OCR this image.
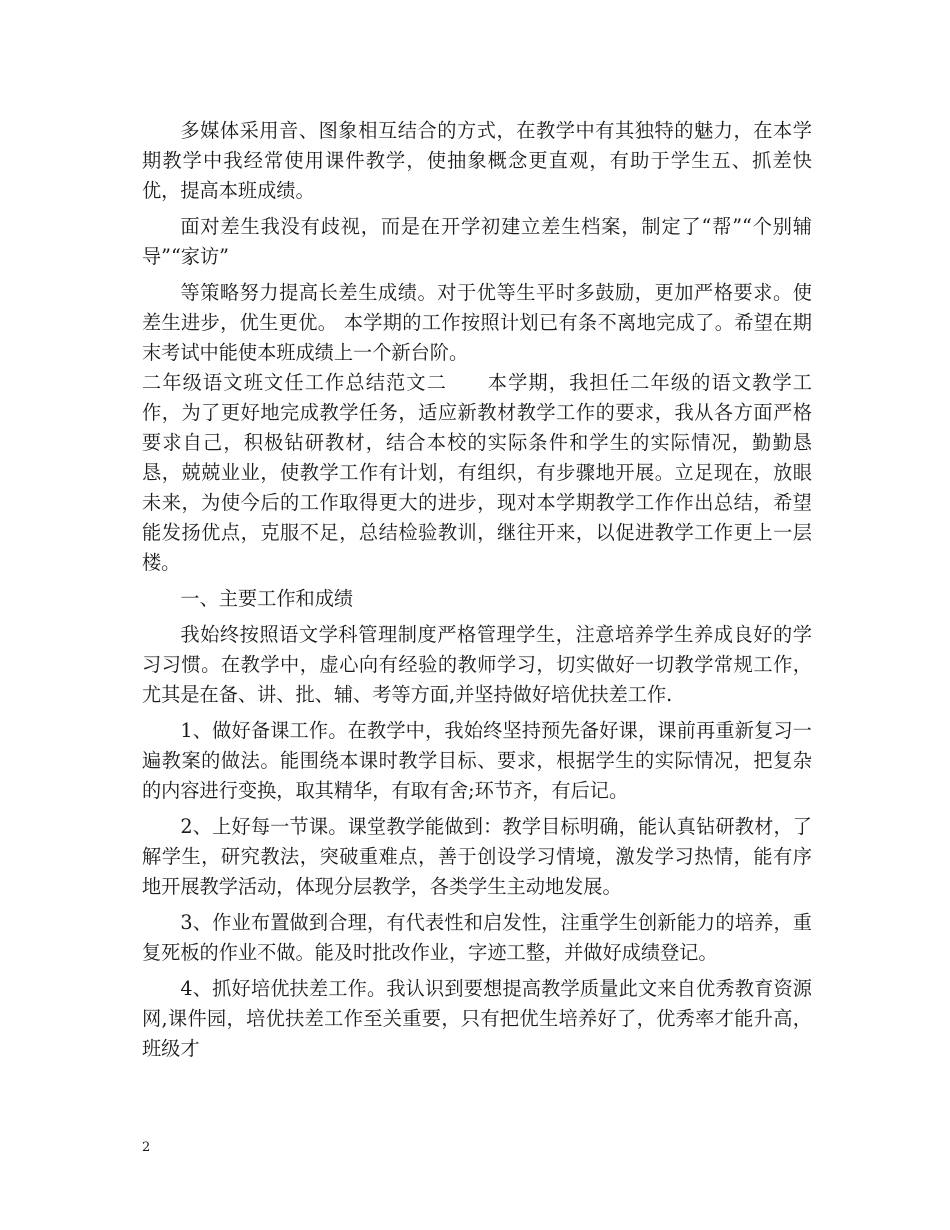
多媒体采用音、图象相互结合的方式，在教学中有其独特的魅力，在本学期教学中我经常使用课件教学，使抽象概念更直观，有助于学生五、抓差快优，提高本班成绩。

面对差生我没有歧视，而是在开学初建立差生档案，制定了“帮”“个别辅导”“家访”

等策略努力提高长差生成绩。对于优等生平时多鼓励，更加严格要求。使差生进步，优生更优。 本学期的工作按照计划已有条不离地完成了。希望在期末考试中能使本班成绩上一个新台阶。

二年级语文班文任工作总结范文二　　本学期，我担任二年级的语文教学工作，为了更好地完成教学任务，适应新教材教学工作的要求，我从各方面严格要求自己，积极钻研教材，结合本校的实际条件和学生的实际情况，勤勤恳恳，兢兢业业，使教学工作有计划，有组织，有步骤地开展。立足现在，放眼未来，为使今后的工作取得更大的进步，现对本学期教学工作作出总结，希望能发扬优点，克服不足，总结检验教训，继往开来，以促进教学工作更上一层楼。

一、主要工作和成绩

我始终按照语文学科管理制度严格管理学生，注意培养学生养成良好的学习习惯。在教学中，虚心向有经验的教师学习，切实做好一切教学常规工作，尤其是在备、讲、批、辅、考等方面,并坚持做好培优扶差工作.

1、做好备课工作。在教学中，我始终坚持预先备好课，课前再重新复习一遍教案的做法。能围绕本课时教学目标、要求，根据学生的实际情况，把复杂的内容进行变换，取其精华，有取有舍;环节齐，有后记。

2、上好每一节课。课堂教学能做到：教学目标明确，能认真钻研教材，了解学生，研究教法，突破重难点，善于创设学习情境，激发学习热情，能有序地开展教学活动，体现分层教学，各类学生主动地发展。

3、作业布置做到合理，有代表性和启发性，注重学生创新能力的培养，重复死板的作业不做。能及时批改作业，字迹工整，并做好成绩登记。

4、抓好培优扶差工作。我认识到要想提高教学质量此文来自优秀教育资源网,课件园，培优扶差工作至关重要，只有把优生培养好了，优秀率才能升高，班级才

2
